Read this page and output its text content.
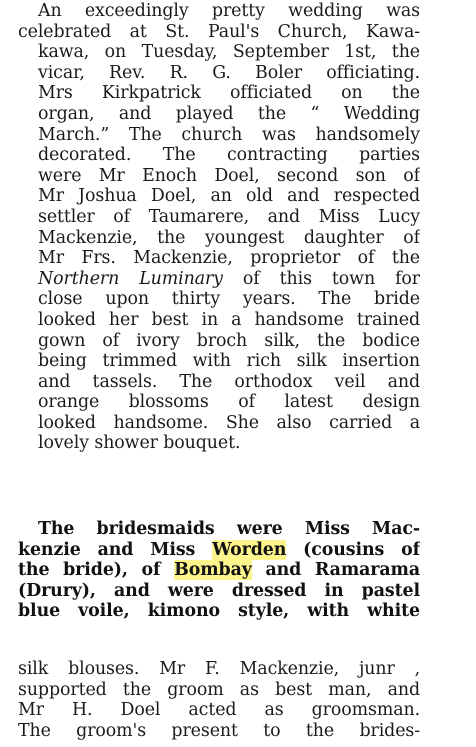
An exceedingly pretty wedding was
celebrated at St. Paul's Church, Kawa-
kawa, on Tuesday, September 1st, the
vicar, Rev. R. G. Boler officiating.
Mrs Kirkpatrick officiated on the
organ, and played the “ Wedding
March.” The church was handsomely
decorated. The contracting parties
were Mr Enoch Doel, second son of
Mr Joshua Doel, an old and respected
settler of Taumarere, and Miss Lucy
Mackenzie, the youngest daughter of
Mr Frs. Mackenzie, proprietor of the
Northern Luminary of this town for
close upon thirty years. The bride
looked her best in a handsome trained
gown of ivory broch silk, the bodice
being trimmed with rich silk insertion
and tassels. The orthodox veil and
orange blossoms of latest design
looked handsome. She also carried a
lovely shower bouquet.

The bridesmaids were Miss Mac-
kenzie and Miss Worden (cousins of
the bride), of Bombay and Ramarama
(Drury), and were dressed in pastel
blue voile, kimono style, with white

silk blouses. Mr F. Mackenzie, junr ,
supported the groom as best man, and
Mr H. Doel acted as groomsman.
The groom's present to the brides-
